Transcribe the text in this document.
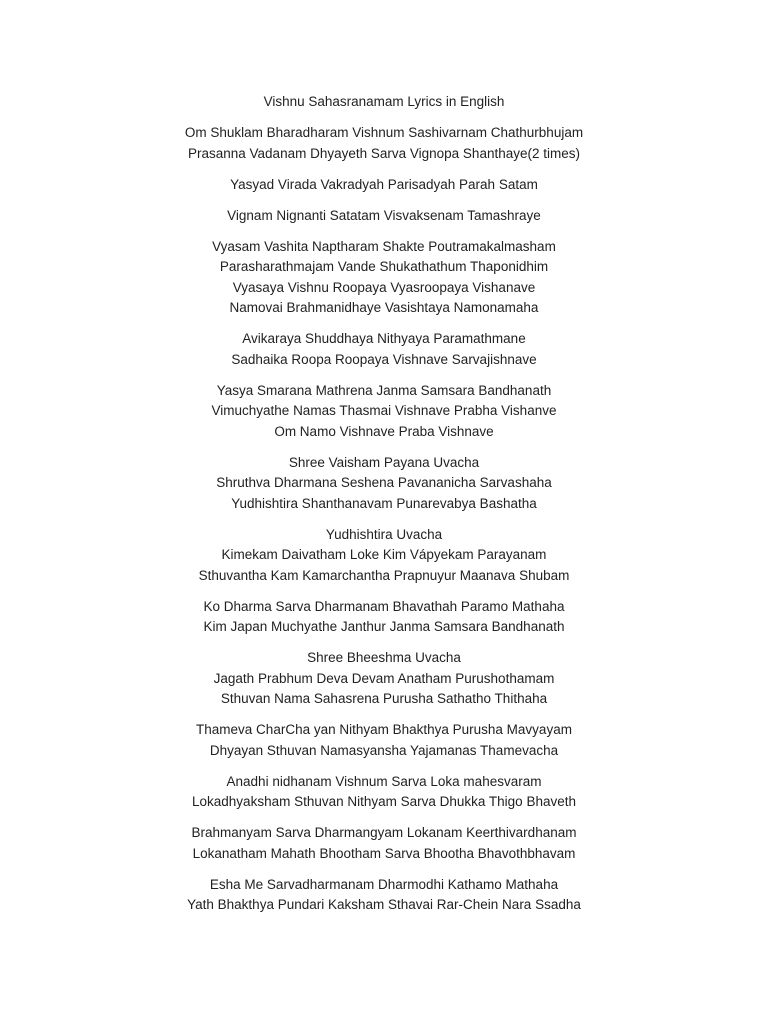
Vishnu Sahasranamam Lyrics in English
Om Shuklam Bharadharam Vishnum Sashivarnam Chathurbhujam
Prasanna Vadanam Dhyayeth Sarva Vignopa Shanthaye(2 times)
Yasyad Virada Vakradyah Parisadyah Parah Satam
Vignam Nignanti Satatam Visvaksenam Tamashraye
Vyasam Vashita Naptharam Shakte Poutramakalmasham
Parasharathmajam Vande Shukathathum Thaponidhim
Vyasaya Vishnu Roopaya Vyasroopaya Vishanave
Namovai Brahmanidhaye Vasishtaya Namonamaha
Avikaraya Shuddhaya Nithyaya Paramathmane
Sadhaika Roopa Roopaya Vishnave Sarvajishnave
Yasya Smarana Mathrena Janma Samsara Bandhanath
Vimuchyathe Namas Thasmai Vishnave Prabha Vishanve
Om Namo Vishnave Praba Vishnave
Shree Vaisham Payana Uvacha
Shruthva Dharmana Seshena Pavananicha Sarvashaha
Yudhishtira Shanthanavam Punarevabya Bashatha
Yudhishtira Uvacha
Kimekam Daivatham Loke Kim Vápyekam Parayanam
Sthuvantha Kam Kamarchantha Prapnuyur Maanava Shubam
Ko Dharma Sarva Dharmanam Bhavathah Paramo Mathaha
Kim Japan Muchyathe Janthur Janma Samsara Bandhanath
Shree Bheeshma Uvacha
Jagath Prabhum Deva Devam Anatham Purushothamam
Sthuvan Nama Sahasrena Purusha Sathatho Thithaha
Thameva CharCha yan Nithyam Bhakthya Purusha Mavyayam
Dhyayan Sthuvan Namasyansha Yajamanas Thamevacha
Anadhi nidhanam Vishnum Sarva Loka mahesvaram
Lokadhyaksham Sthuvan Nithyam Sarva Dhukka Thigo Bhaveth
Brahmanyam Sarva Dharmangyam Lokanam Keerthivardhanam
Lokanatham Mahath Bhootham Sarva Bhootha Bhavothbhavam
Esha Me Sarvadharmanam Dharmodhi Kathamo Mathaha
Yath Bhakthya Pundari Kaksham Sthavai Rar-Chein Nara Ssadha
